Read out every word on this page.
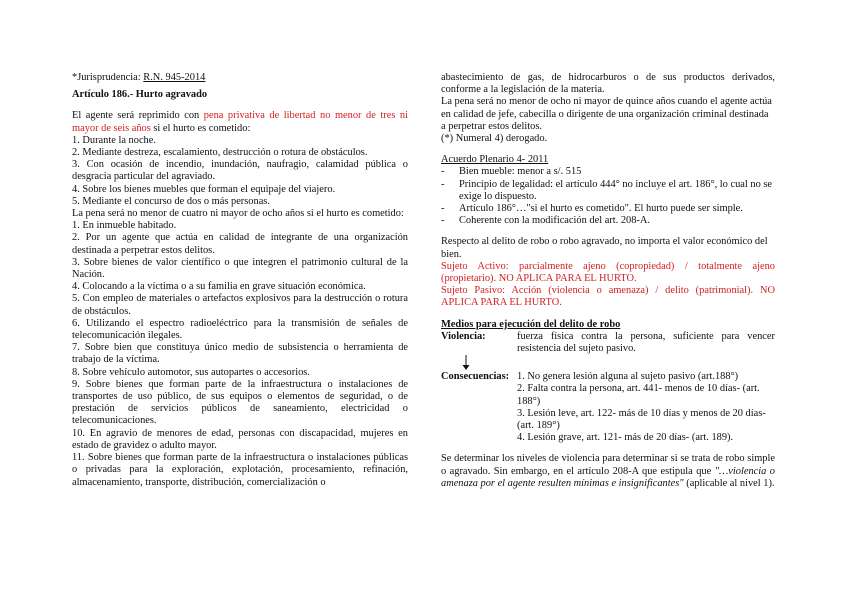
*Jurisprudencia: R.N. 945-2014

Artículo 186.- Hurto agravado

El agente será reprimido con pena privativa de libertad no menor de tres ni mayor de seis años si el hurto es cometido:

1. Durante la noche.
2. Mediante destreza, escalamiento, destrucción o rotura de obstáculos.
3. Con ocasión de incendio, inundación, naufragio, calamidad pública o desgracia particular del agraviado.
4. Sobre los bienes muebles que forman el equipaje del viajero.
5. Mediante el concurso de dos o más personas.

La pena será no menor de cuatro ni mayor de ocho años si el hurto es cometido:

1. En inmueble habitado.
2. Por un agente que actúa en calidad de integrante de una organización destinada a perpetrar estos delitos.
3. Sobre bienes de valor científico o que integren el patrimonio cultural de la Nación.
4. Colocando a la víctima o a su familia en grave situación económica.
5. Con empleo de materiales o artefactos explosivos para la destrucción o rotura de obstáculos.
6. Utilizando el espectro radioeléctrico para la transmisión de señales de telecomunicación ilegales.
7. Sobre bien que constituya único medio de subsistencia o herramienta de trabajo de la víctima.
8. Sobre vehículo automotor, sus autopartes o accesorios.
9. Sobre bienes que forman parte de la infraestructura o instalaciones de transportes de uso público, de sus equipos o elementos de seguridad, o de prestación de servicios públicos de saneamiento, electricidad o telecomunicaciones.
10. En agravio de menores de edad, personas con discapacidad, mujeres en estado de gravidez o adulto mayor.
11. Sobre bienes que forman parte de la infraestructura o instalaciones públicas o privadas para la exploración, explotación, procesamiento, refinación, almacenamiento, transporte, distribución, comercialización o

abastecimiento de gas, de hidrocarburos o de sus productos derivados, conforme a la legislación de la materia.

La pena será no menor de ocho ni mayor de quince años cuando el agente actúa en calidad de jefe, cabecilla o dirigente de una organización criminal destinada a perpetrar estos delitos.

(*) Numeral 4) derogado.

Acuerdo Plenario 4- 2011

-	Bien mueble: menor a s/. 515
-	Principio de legalidad: el artículo 444° no incluye el art. 186°, lo cual no se exige lo dispuesto.
-	Artículo 186°…"si el hurto es cometido". El hurto puede ser simple.
-	Coherente con la modificación del art. 208-A.

Respecto al delito de robo o robo agravado, no importa el valor económico del bien.

Sujeto Activo: parcialmente ajeno (copropiedad) / totalmente ajeno (propietario). NO APLICA PARA EL HURTO.

Sujeto Pasivo: Acción (violencia o amenaza) / delito (patrimonial). NO APLICA PARA EL HURTO.

Medios para ejecución del delito de robo

Violencia:	fuerza física contra la persona, suficiente para vencer resistencia del sujeto pasivo.
Consecuencias: 1. No genera lesión alguna al sujeto pasivo (art.188°)
2. Falta contra la persona, art. 441- menos de 10 días- (art. 188°)
3. Lesión leve, art. 122- más de 10 días y menos de 20 días- (art. 189°)
4. Lesión grave, art. 121- más de 20 días- (art. 189).

Se determinar los niveles de violencia para determinar si se trata de robo simple o agravado. Sin embargo, en el artículo 208-A que estipula que "…violencia o amenaza por el agente resulten mínimas e insignificantes" (aplicable al nivel 1).
